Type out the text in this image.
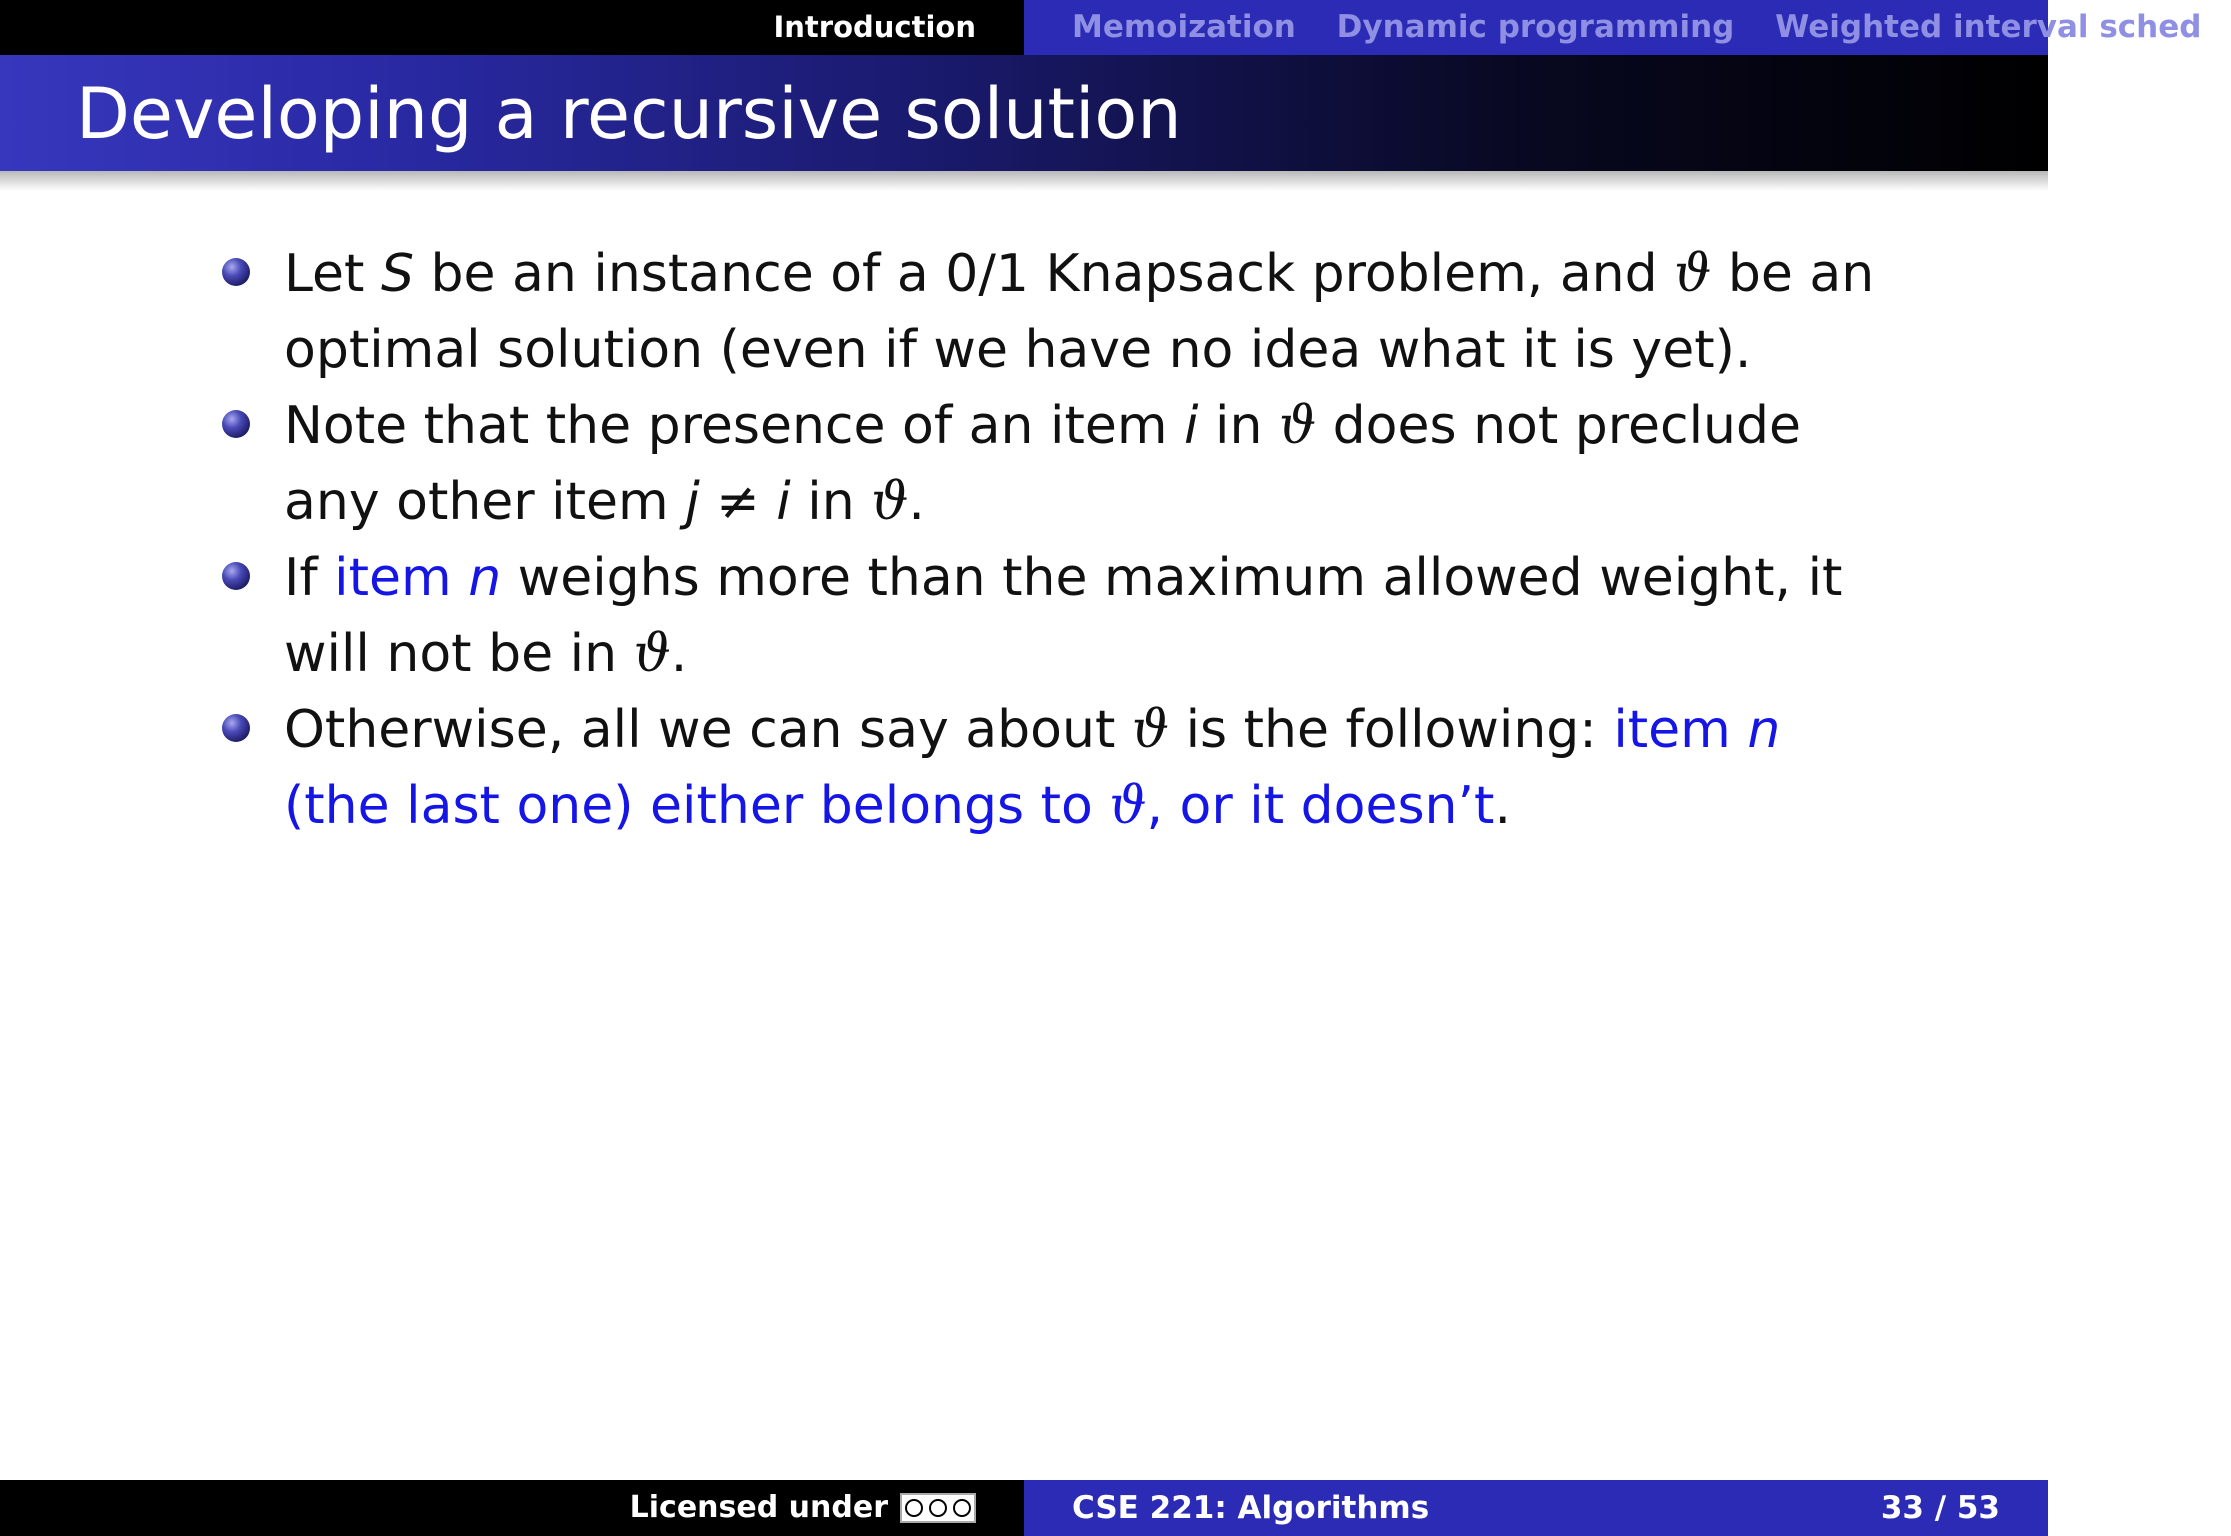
Introduction	Memoization Dynamic programming Weighted interval sched
Developing a recursive solution
Let S be an instance of a 0/1 Knapsack problem, and ϑ be an optimal solution (even if we have no idea what it is yet).
Note that the presence of an item i in ϑ does not preclude any other item j ≠ i in ϑ.
If item n weighs more than the maximum allowed weight, it will not be in ϑ.
Otherwise, all we can say about ϑ is the following: item n (the last one) either belongs to ϑ, or it doesn’t.
Licensed under	CSE 221: Algorithms	33 / 53
